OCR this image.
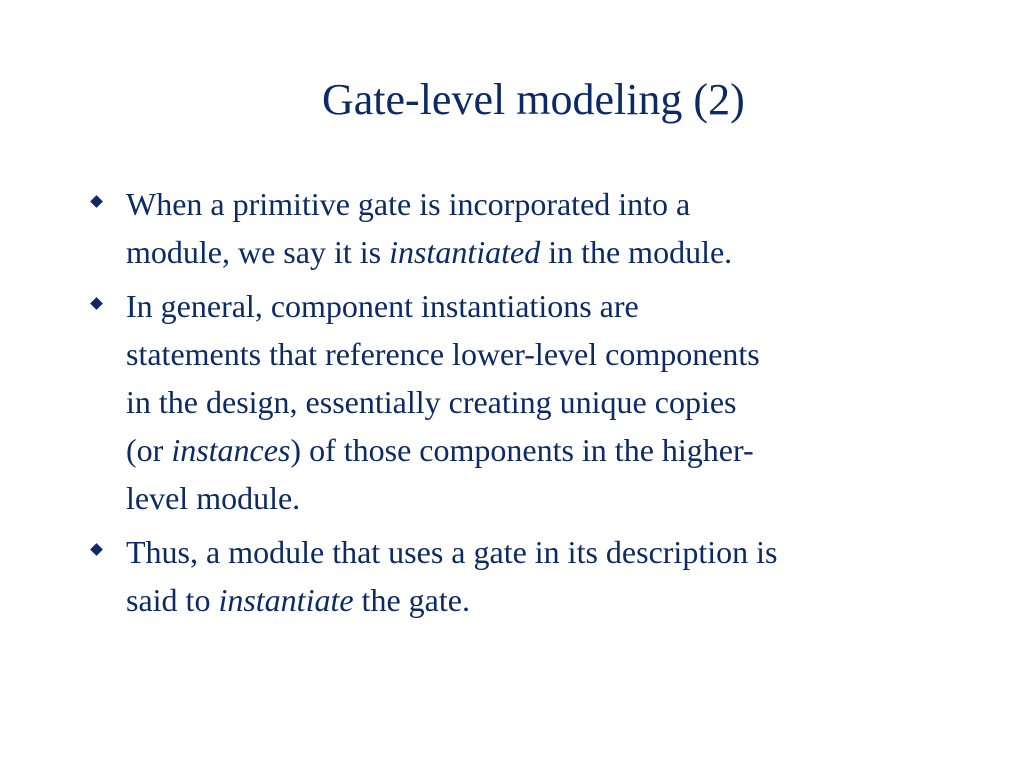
Gate-level modeling (2)
When a primitive gate is incorporated into a
module, we say it is instantiated in the module.
In general, component instantiations are
statements that reference lower-level components
in the design, essentially creating unique copies
(or instances) of those components in the higher-
level module.
Thus, a module that uses a gate in its description is
said to instantiate the gate.
